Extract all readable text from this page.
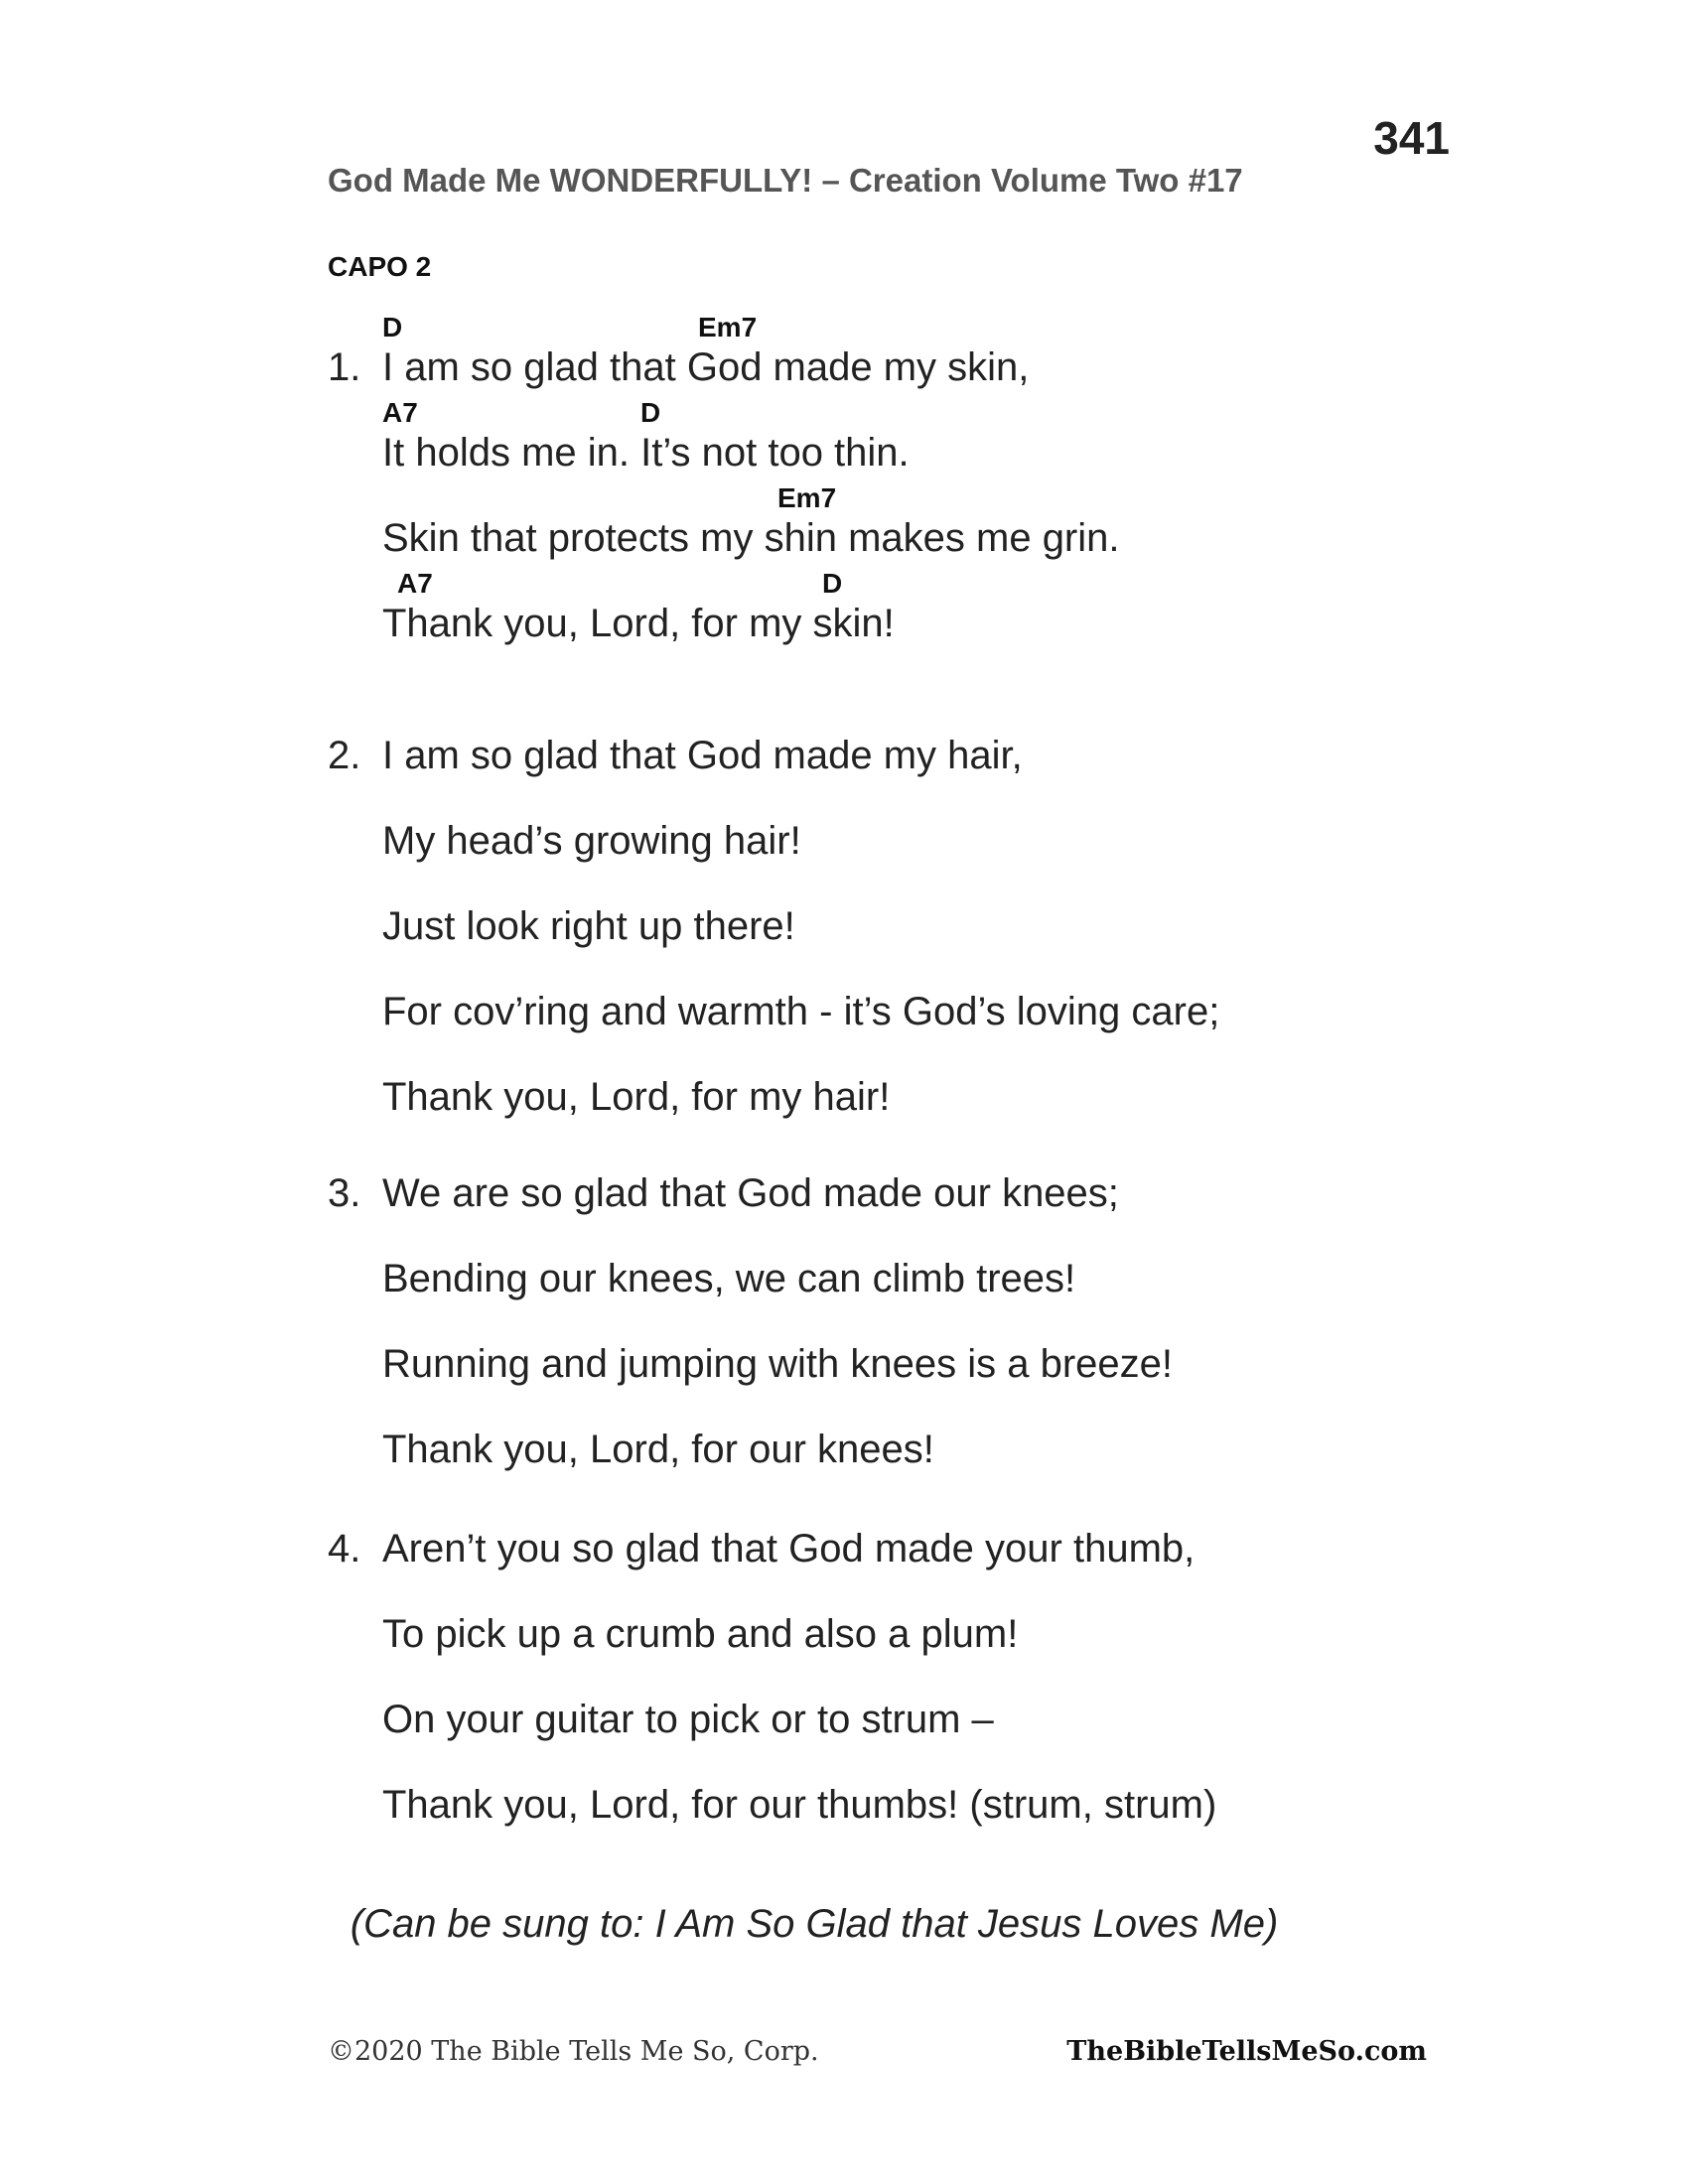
341
God Made Me WONDERFULLY! – Creation Volume Two #17
CAPO 2
D	Em7
1. I am so glad that God made my skin,
A7	D
It holds me in. It’s not too thin.
Em7
Skin that protects my shin makes me grin.
A7	D
Thank you, Lord, for my skin!
2. I am so glad that God made my hair,
My head’s growing hair!
Just look right up there!
For cov’ring and warmth - it’s God’s loving care;
Thank you, Lord, for my hair!
3. We are so glad that God made our knees;
Bending our knees, we can climb trees!
Running and jumping with knees is a breeze!
Thank you, Lord, for our knees!
4. Aren’t you so glad that God made your thumb,
To pick up a crumb and also a plum!
On your guitar to pick or to strum –
Thank you, Lord, for our thumbs! (strum, strum)
(Can be sung to: I Am So Glad that Jesus Loves Me)
©2020 The Bible Tells Me So, Corp.	TheBibleTellsMeSo.com
